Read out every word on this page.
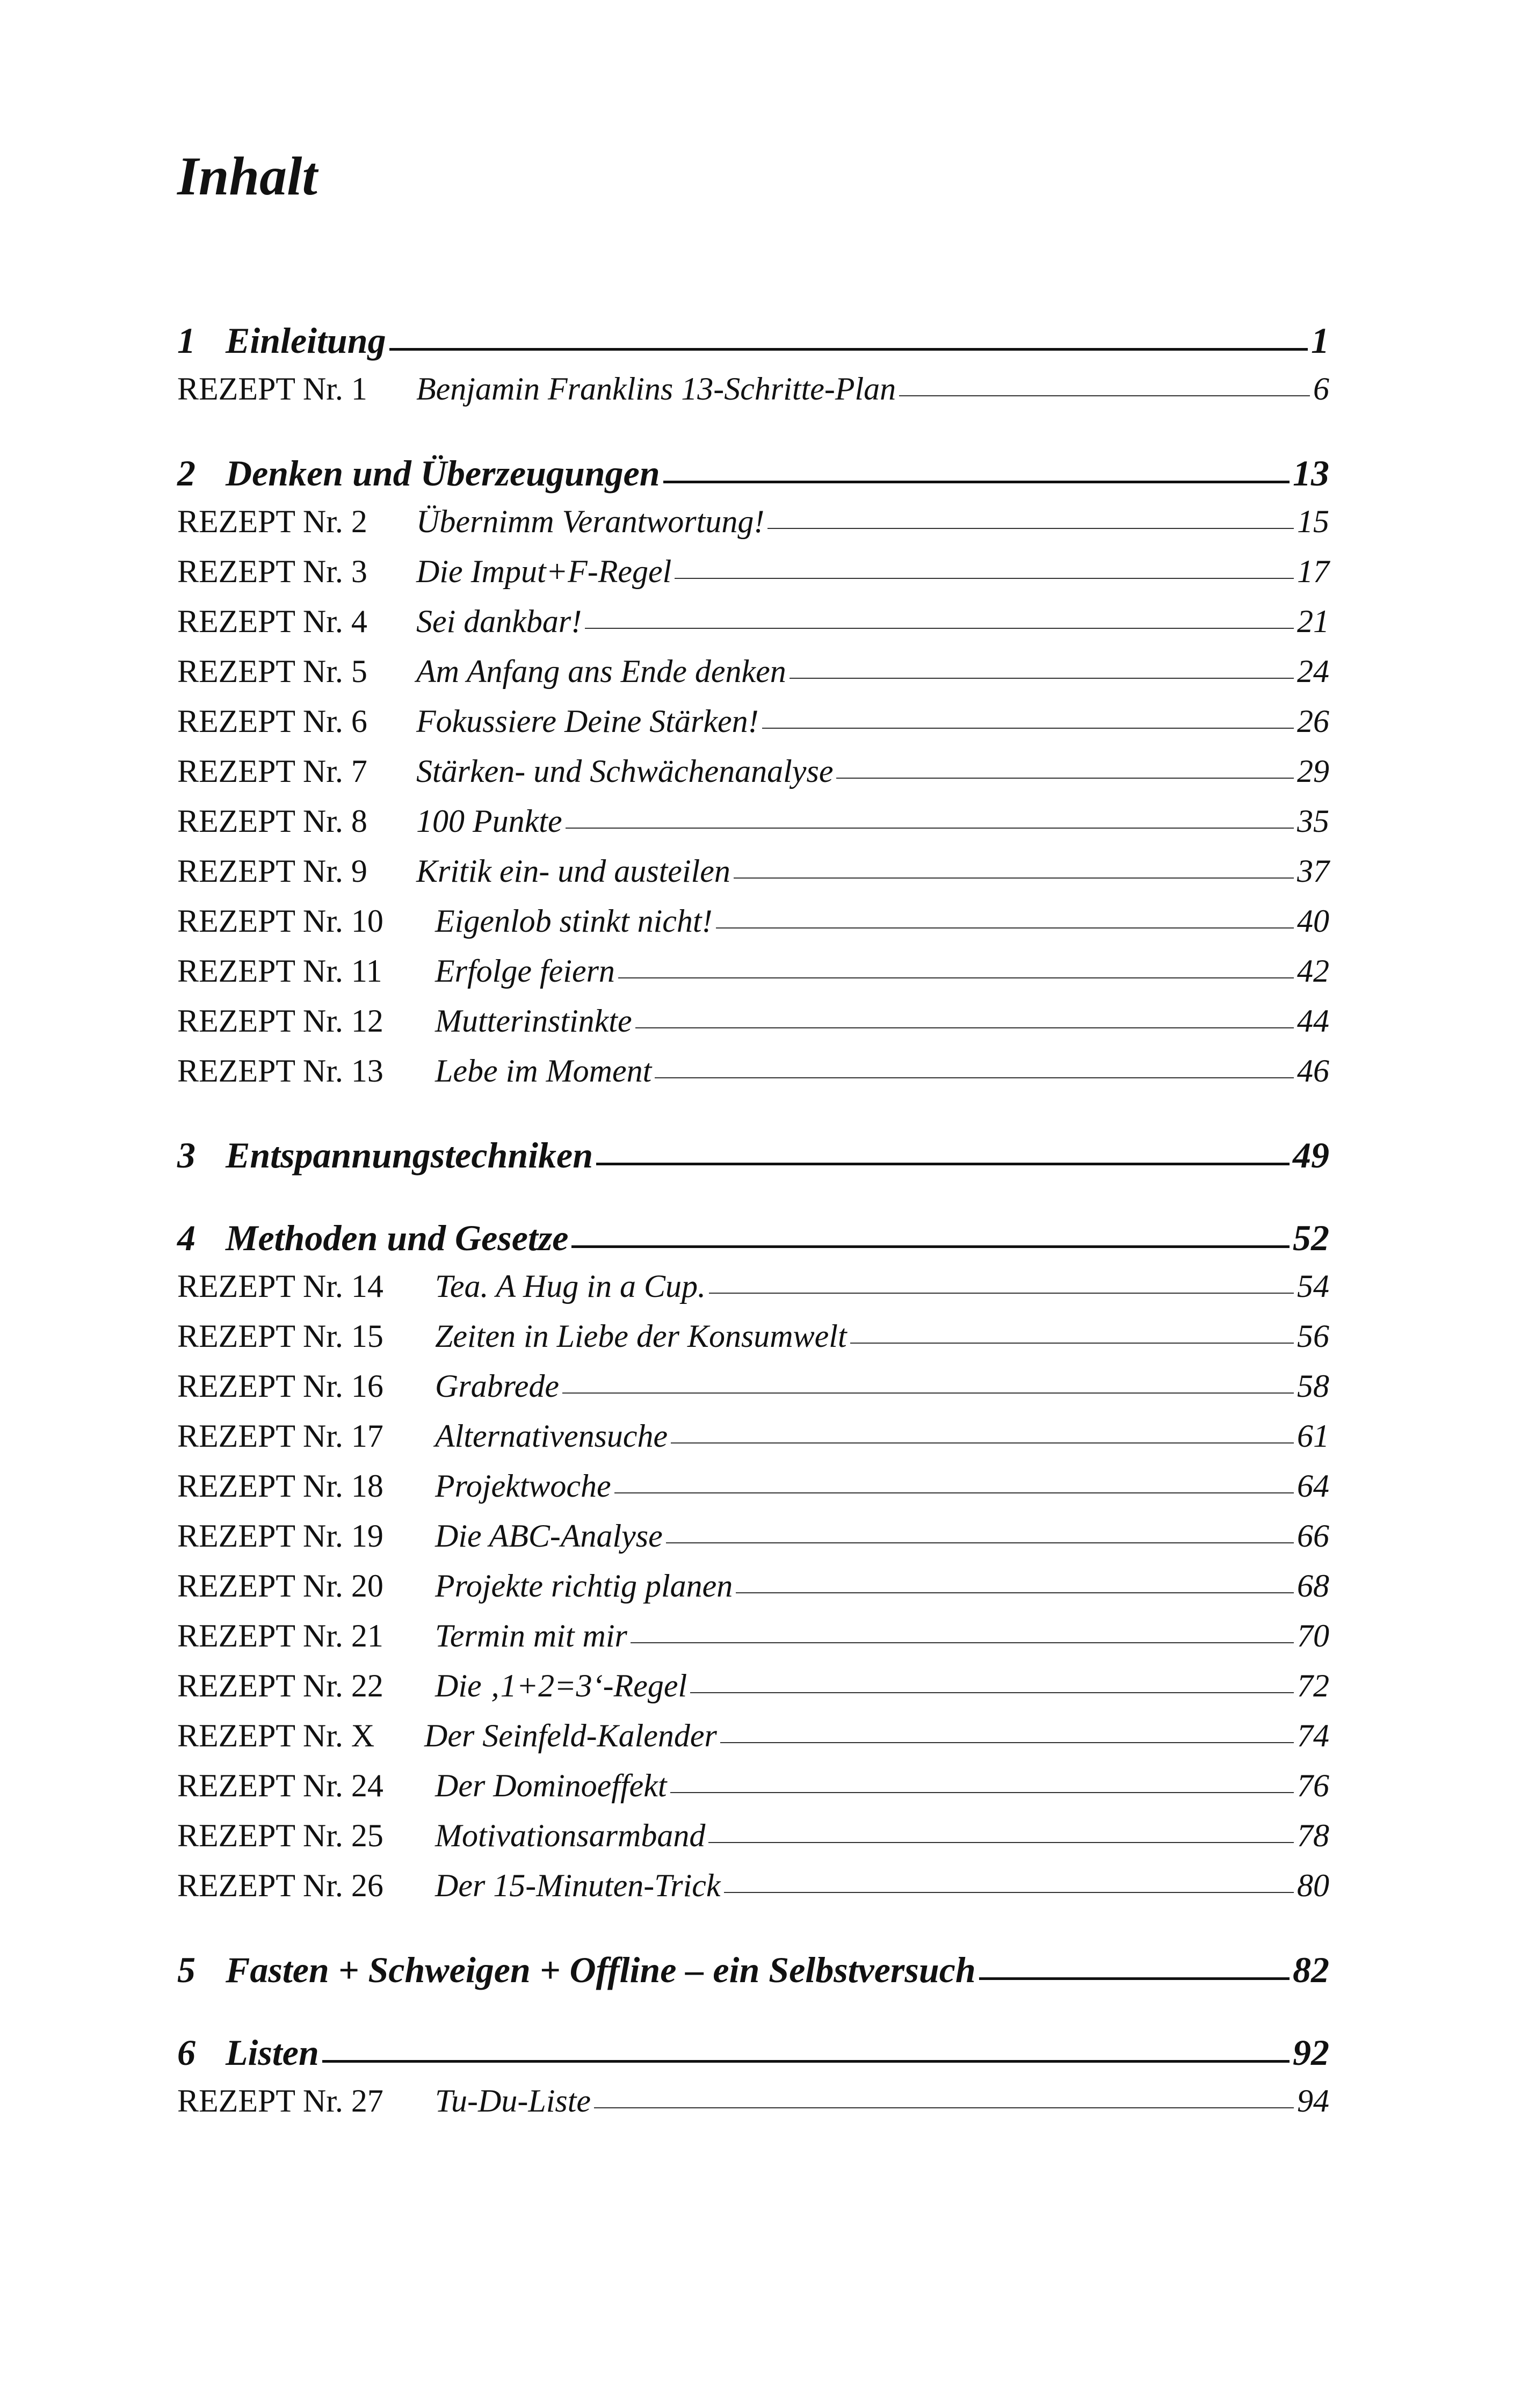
Inhalt
1 Einleitung	1
REZEPT Nr. 1	Benjamin Franklins 13-Schritte-Plan	6
2 Denken und Überzeugungen	13
REZEPT Nr. 2	Übernimm Verantwortung!	15
REZEPT Nr. 3	Die Imput+F-Regel	17
REZEPT Nr. 4	Sei dankbar!	21
REZEPT Nr. 5	Am Anfang ans Ende denken	24
REZEPT Nr. 6	Fokussiere Deine Stärken!	26
REZEPT Nr. 7	Stärken- und Schwächenanalyse	29
REZEPT Nr. 8	100 Punkte	35
REZEPT Nr. 9	Kritik ein- und austeilen	37
REZEPT Nr. 10	Eigenlob stinkt nicht!	40
REZEPT Nr. 11	Erfolge feiern	42
REZEPT Nr. 12	Mutterinstinkte	44
REZEPT Nr. 13	Lebe im Moment	46
3 Entspannungstechniken	49
4 Methoden und Gesetze	52
REZEPT Nr. 14	Tea. A Hug in a Cup.	54
REZEPT Nr. 15	Zeiten in Liebe der Konsumwelt	56
REZEPT Nr. 16	Grabrede	58
REZEPT Nr. 17	Alternativensuche	61
REZEPT Nr. 18	Projektwoche	64
REZEPT Nr. 19	Die ABC-Analyse	66
REZEPT Nr. 20	Projekte richtig planen	68
REZEPT Nr. 21	Termin mit mir	70
REZEPT Nr. 22	Die ‚1+2=3‘-Regel	72
REZEPT Nr. X	Der Seinfeld-Kalender	74
REZEPT Nr. 24	Der Dominoeffekt	76
REZEPT Nr. 25	Motivationsarmband	78
REZEPT Nr. 26	Der 15-Minuten-Trick	80
5 Fasten + Schweigen + Offline – ein Selbstversuch	82
6 Listen	92
REZEPT Nr. 27	Tu-Du-Liste	94
